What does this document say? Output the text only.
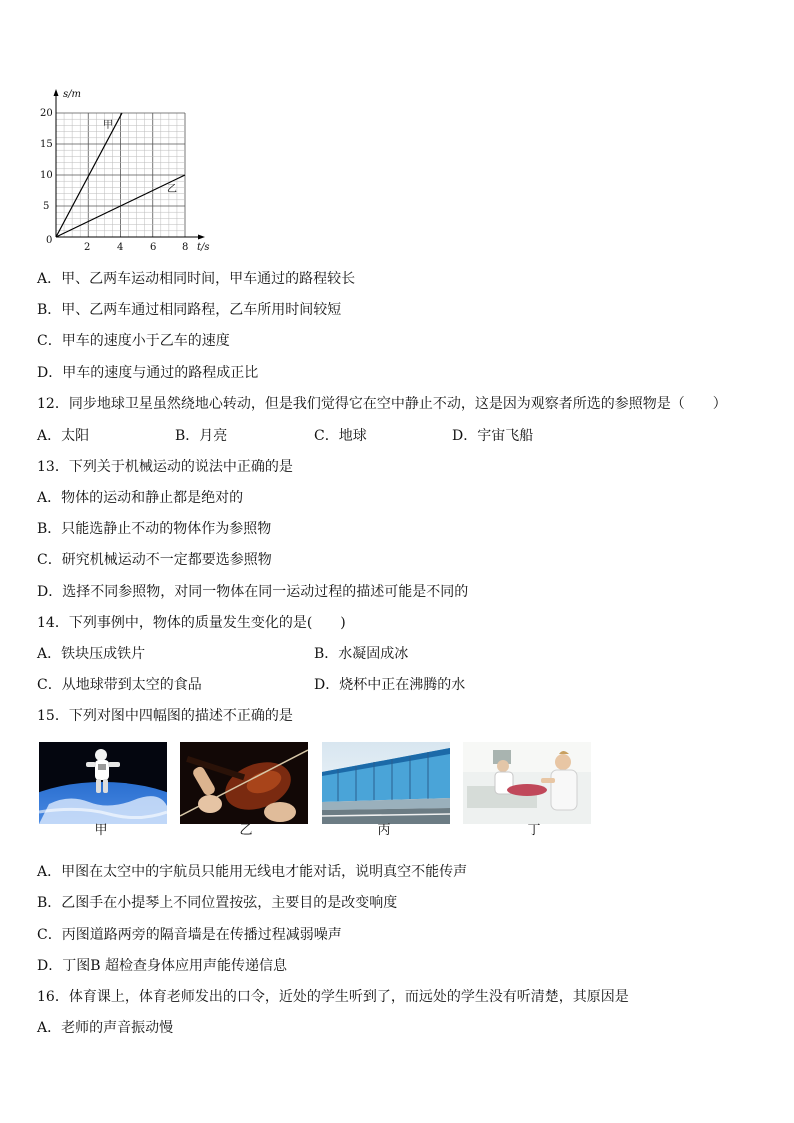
s/m
t/s
20
15
10
5
0
2	4	6	8
甲
乙
A．甲、乙两车运动相同时间，甲车通过的路程较长
B．甲、乙两车通过相同路程，乙车所用时间较短
C．甲车的速度小于乙车的速度
D．甲车的速度与通过的路程成正比
12．同步地球卫星虽然绕地心转动，但是我们觉得它在空中静止不动，这是因为观察者所选的参照物是（　　）
A．太阳	B．月亮	C．地球	D．宇宙飞船
13．下列关于机械运动的说法中正确的是
A．物体的运动和静止都是绝对的
B．只能选静止不动的物体作为参照物
C．研究机械运动不一定都要选参照物
D．选择不同参照物，对同一物体在同一运动过程的描述可能是不同的
14．下列事例中，物体的质量发生变化的是(　　)
A．铁块压成铁片	B．水凝固成冰
C．从地球带到太空的食品	D．烧杯中正在沸腾的水
15．下列对图中四幅图的描述不正确的是
甲	乙	丙	丁
A．甲图在太空中的宇航员只能用无线电才能对话，说明真空不能传声
B．乙图手在小提琴上不同位置按弦，主要目的是改变响度
C．丙图道路两旁的隔音墙是在传播过程减弱噪声
D．丁图B 超检查身体应用声能传递信息
16．体育课上，体育老师发出的口令，近处的学生听到了，而远处的学生没有听清楚，其原因是
A．老师的声音振动慢
